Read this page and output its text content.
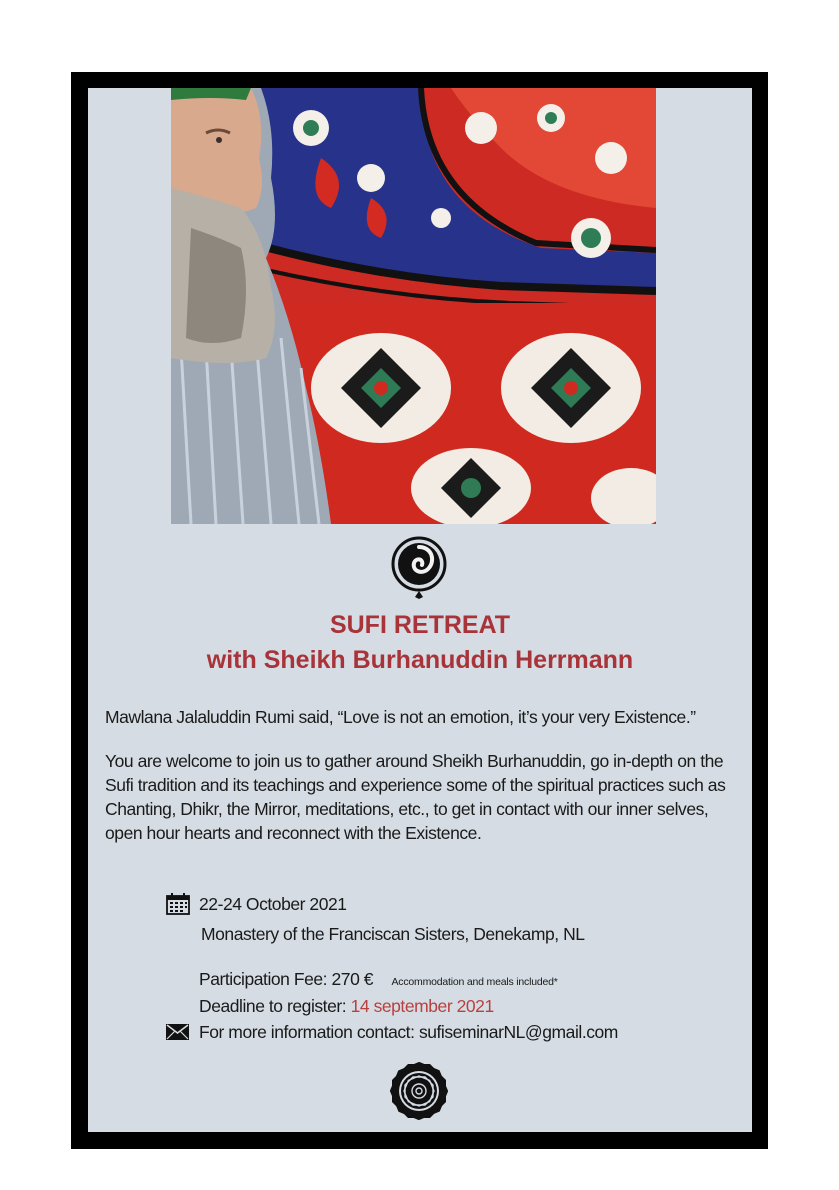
SUFI RETREAT
with Sheikh Burhanuddin Herrmann

Mawlana Jalaluddin Rumi said, “Love is not an emotion, it’s your very Existence.”

You are welcome to join us to gather around Sheikh Burhanuddin, go in-depth on the Sufi tradition and its teachings and experience some of the spiritual practices such as Chanting, Dhikr, the Mirror, meditations, etc., to get in contact with our inner selves, open hour hearts and reconnect with the Existence.

22-24 October 2021
Monastery of the Franciscan Sisters, Denekamp, NL
Participation Fee: 270 € Accommodation and meals included*
Deadline to register: 14 september 2021
For more information contact: sufiseminarNL@gmail.com
